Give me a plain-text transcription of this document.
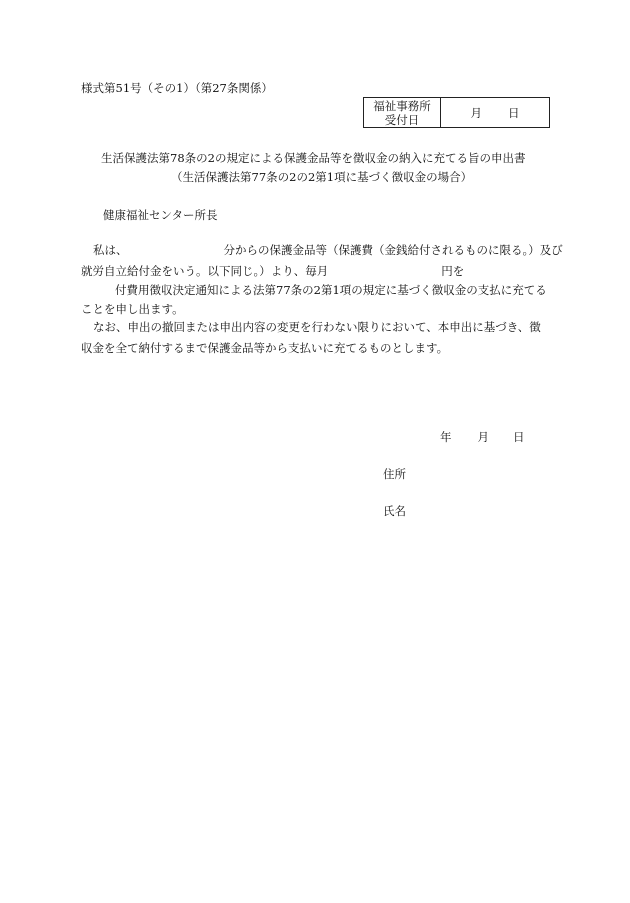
様式第51号（その1）（第27条関係）
福祉事務所
受付日	月 日
生活保護法第78条の2の規定による保護金品等を徴収金の納入に充てる旨の申出書
（生活保護法第77条の2の2第1項に基づく徴収金の場合）
健康福祉センター所長
私は、	分からの保護金品等（保護費（金銭給付されるものに限る。）及び
就労自立給付金をいう。以下同じ。）より、毎月	円を
付費用徴収決定通知による法第77条の2第1項の規定に基づく徴収金の支払に充てる
ことを申し出ます。
なお、申出の撤回または申出内容の変更を行わない限りにおいて、本申出に基づき、徴
収金を全て納付するまで保護金品等から支払いに充てるものとします。
年 月 日
住所
氏名
